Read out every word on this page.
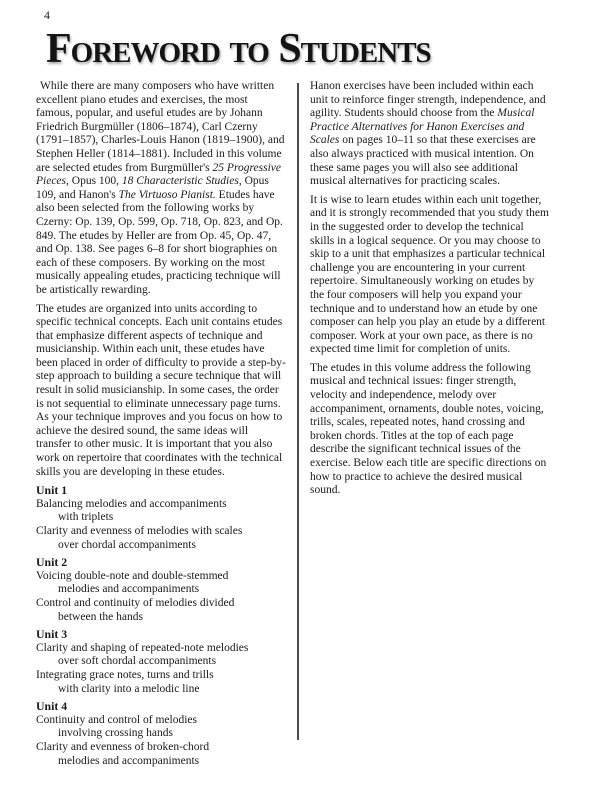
4
Foreword to Students

While there are many composers who have written excellent piano etudes and exercises, the most famous, popular, and useful etudes are by Johann Friedrich Burgmüller (1806–1874), Carl Czerny (1791–1857), Charles-Louis Hanon (1819–1900), and Stephen Heller (1814–1881). Included in this volume are selected etudes from Burgmüller's 25 Progressive Pieces, Opus 100, 18 Characteristic Studies, Opus 109, and Hanon's The Virtuoso Pianist. Etudes have also been selected from the following works by Czerny: Op. 139, Op. 599, Op. 718, Op. 823, and Op. 849. The etudes by Heller are from Op. 45, Op. 47, and Op. 138. See pages 6–8 for short biographies on each of these composers. By working on the most musically appealing etudes, practicing technique will be artistically rewarding.

The etudes are organized into units according to specific technical concepts. Each unit contains etudes that emphasize different aspects of technique and musicianship. Within each unit, these etudes have been placed in order of difficulty to provide a step-by-step approach to building a secure technique that will result in solid musicianship. In some cases, the order is not sequential to eliminate unnecessary page turns. As your technique improves and you focus on how to achieve the desired sound, the same ideas will transfer to other music. It is important that you also work on repertoire that coordinates with the technical skills you are developing in these etudes.

Unit 1
Balancing melodies and accompaniments
with triplets
Clarity and evenness of melodies with scales
over chordal accompaniments
Unit 2
Voicing double-note and double-stemmed
melodies and accompaniments
Control and continuity of melodies divided
between the hands
Unit 3
Clarity and shaping of repeated-note melodies
over soft chordal accompaniments
Integrating grace notes, turns and trills
with clarity into a melodic line
Unit 4
Continuity and control of melodies
involving crossing hands
Clarity and evenness of broken-chord
melodies and accompaniments

Hanon exercises have been included within each unit to reinforce finger strength, independence, and agility. Students should choose from the Musical Practice Alternatives for Hanon Exercises and Scales on pages 10–11 so that these exercises are also always practiced with musical intention. On these same pages you will also see additional musical alternatives for practicing scales.

It is wise to learn etudes within each unit together, and it is strongly recommended that you study them in the suggested order to develop the technical skills in a logical sequence. Or you may choose to skip to a unit that emphasizes a particular technical challenge you are encountering in your current repertoire. Simultaneously working on etudes by the four composers will help you expand your technique and to understand how an etude by one composer can help you play an etude by a different composer. Work at your own pace, as there is no expected time limit for completion of units.

The etudes in this volume address the following musical and technical issues: finger strength, velocity and independence, melody over accompaniment, ornaments, double notes, voicing, trills, scales, repeated notes, hand crossing and broken chords. Titles at the top of each page describe the significant technical issues of the exercise. Below each title are specific directions on how to practice to achieve the desired musical sound.
